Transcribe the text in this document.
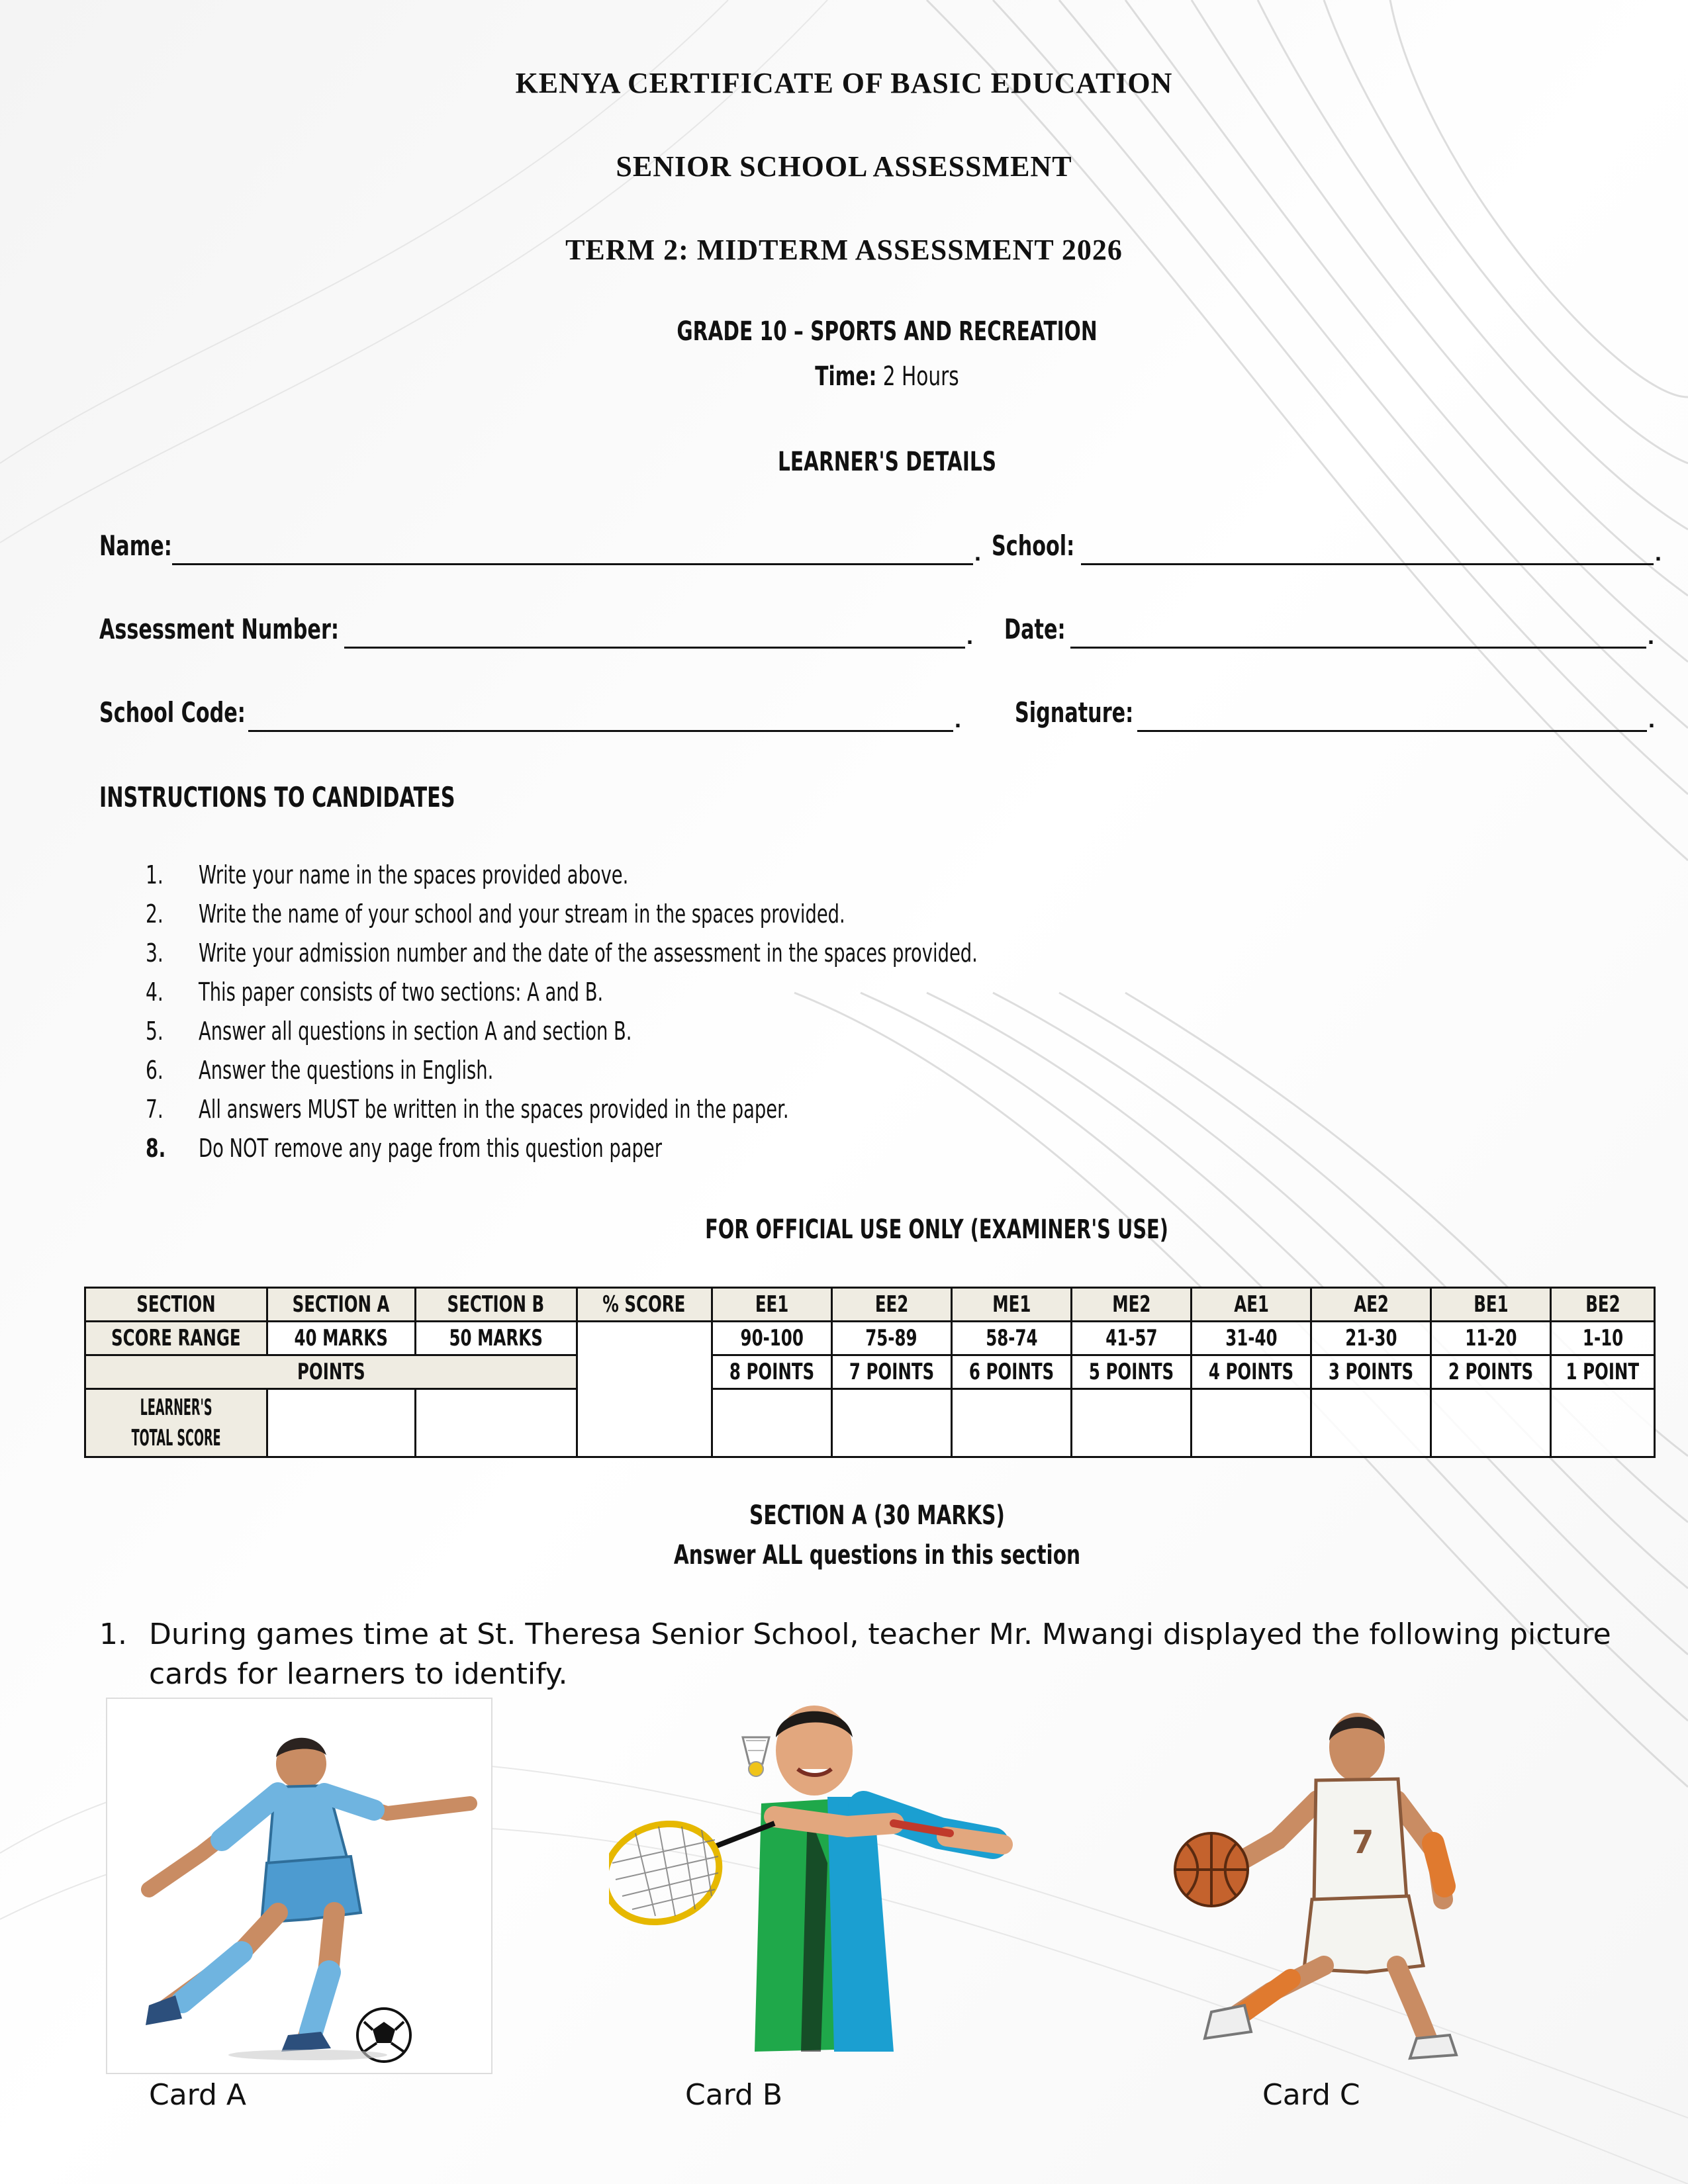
KENYA CERTIFICATE OF BASIC EDUCATION
SENIOR SCHOOL ASSESSMENT
TERM 2: MIDTERM ASSESSMENT 2026
GRADE 10 – SPORTS AND RECREATION
Time: 2 Hours
LEARNER'S DETAILS
Name:	. School:	.
Assessment Number:	. Date:	.
School Code:	. Signature:	.
INSTRUCTIONS TO CANDIDATES
1.	Write your name in the spaces provided above.
2.	Write the name of your school and your stream in the spaces provided.
3.	Write your admission number and the date of the assessment in the spaces provided.
4.	This paper consists of two sections: A and B.
5.	Answer all questions in section A and section B.
6.	Answer the questions in English.
7.	All answers MUST be written in the spaces provided in the paper.
8.	Do NOT remove any page from this question paper
FOR OFFICIAL USE ONLY (EXAMINER'S USE)
SECTION	SECTION A	SECTION B	% SCORE	EE1	EE2	ME1	ME2	AE1	AE2	BE1	BE2
SCORE RANGE	40 MARKS	50 MARKS		90-100	75-89	58-74	41-57	31-40	21-30	11-20	1-10
POINTS				8 POINTS	7 POINTS	6 POINTS	5 POINTS	4 POINTS	3 POINTS	2 POINTS	1 POINT
LEARNER'S
TOTAL SCORE											
SECTION A (30 MARKS)
Answer ALL questions in this section
1. During games time at St. Theresa Senior School, teacher Mr. Mwangi displayed the following picture cards for learners to identify.
Card A	Card B
7
Card C
